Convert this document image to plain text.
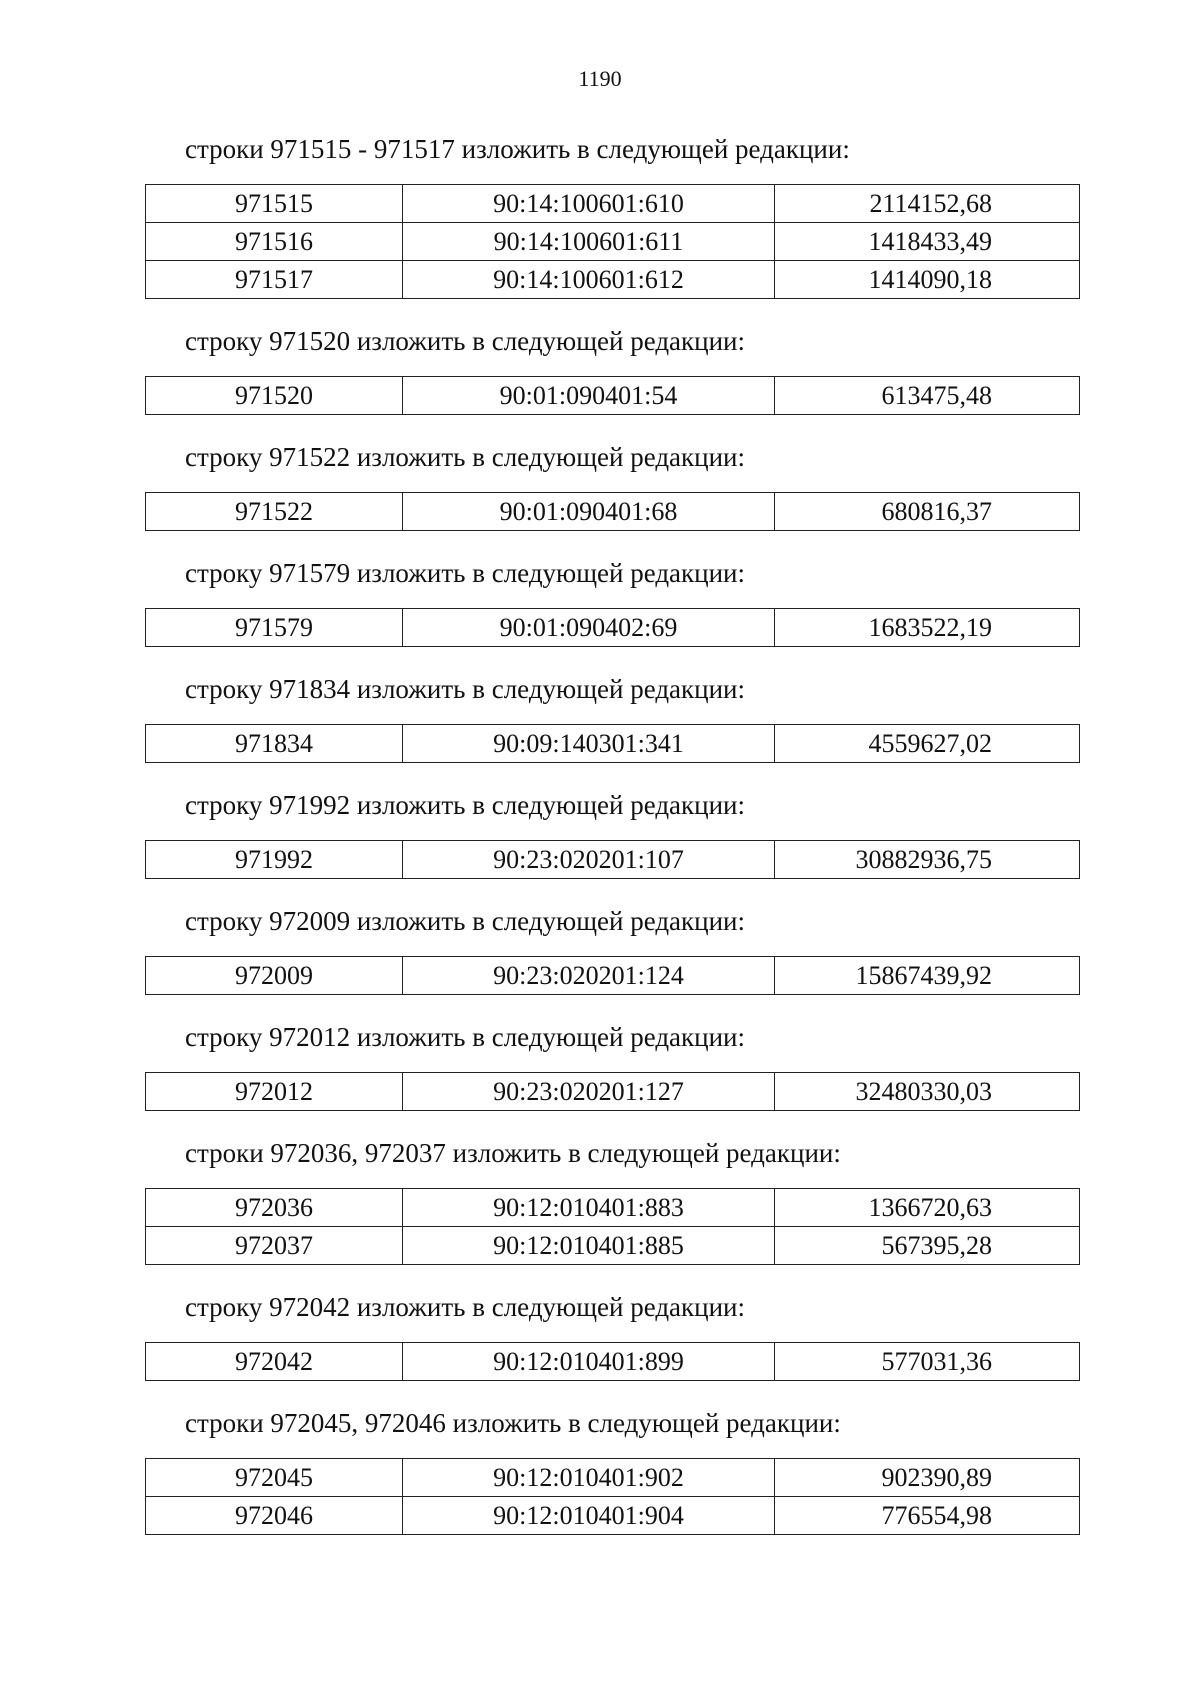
1190

строки 971515 - 971517 изложить в следующей редакции:

971515	90:14:100601:610	2114152,68
971516	90:14:100601:611	1418433,49
971517	90:14:100601:612	1414090,18

строку 971520 изложить в следующей редакции:

971520	90:01:090401:54	613475,48

строку 971522 изложить в следующей редакции:

971522	90:01:090401:68	680816,37

строку 971579 изложить в следующей редакции:

971579	90:01:090402:69	1683522,19

строку 971834 изложить в следующей редакции:

971834	90:09:140301:341	4559627,02

строку 971992 изложить в следующей редакции:

971992	90:23:020201:107	30882936,75

строку 972009 изложить в следующей редакции:

972009	90:23:020201:124	15867439,92

строку 972012 изложить в следующей редакции:

972012	90:23:020201:127	32480330,03

строки 972036, 972037 изложить в следующей редакции:

972036	90:12:010401:883	1366720,63
972037	90:12:010401:885	567395,28

строку 972042 изложить в следующей редакции:

972042	90:12:010401:899	577031,36

строки 972045, 972046 изложить в следующей редакции:

972045	90:12:010401:902	902390,89
972046	90:12:010401:904	776554,98
